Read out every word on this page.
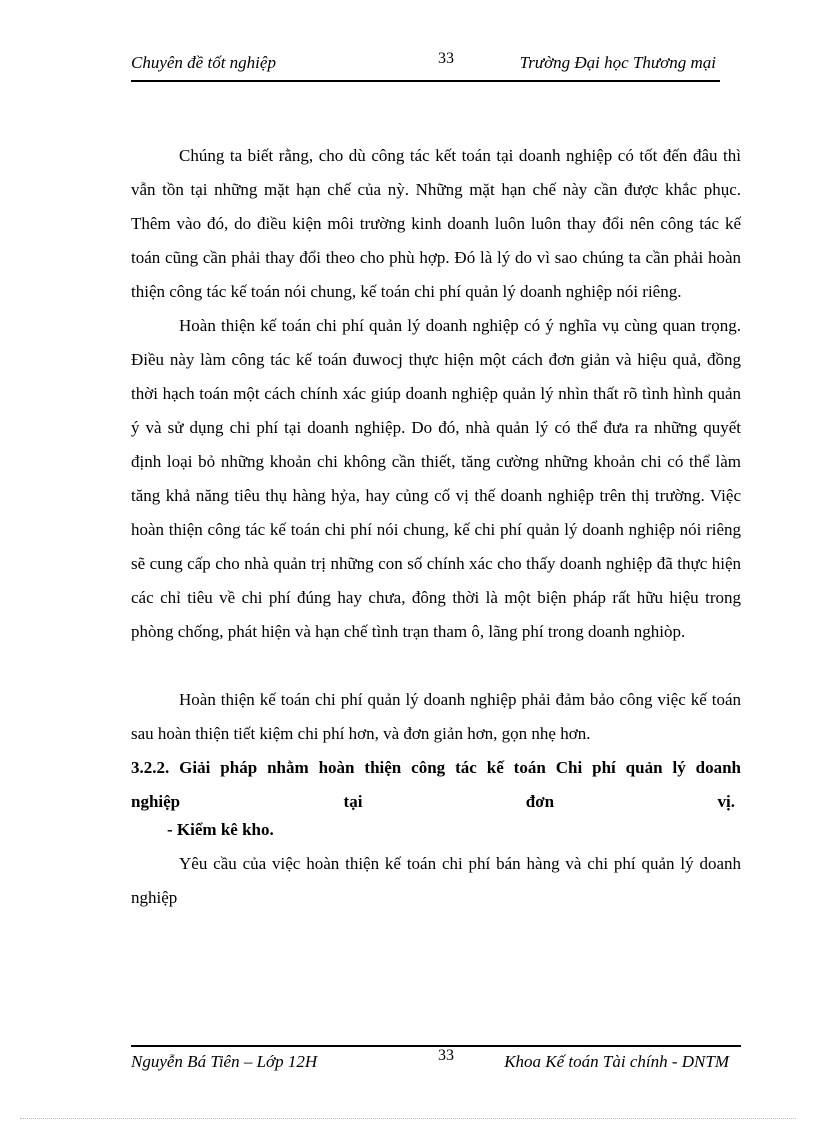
Chuyên đề tốt nghiệp	33	Trường Đại học Thương mại

Chúng ta biết rằng, cho dù công tác kết toán tại doanh nghiệp có tốt đến đâu thì vẫn tồn tại những mặt hạn chế của nỳ. Những mặt hạn chế này cần được khắc phục. Thêm vào đó, do điều kiện môi trường kinh doanh luôn luôn thay đổi nên công tác kế toán cũng cần phải thay đổi theo cho phù hợp. Đó là lý do vì sao chúng ta cần phải hoàn thiện công tác kế toán nói chung, kế toán chi phí quản lý doanh nghiệp nói riêng.

Hoàn thiện kế toán chi phí quản lý doanh nghiệp có ý nghĩa vụ cùng quan trọng. Điều này làm công tác kế toán đuwocj thực hiện một cách đơn giản và hiệu quả, đồng thời hạch toán một cách chính xác giúp doanh nghiệp quản lý nhìn thất rõ tình hình quản ý và sử dụng chi phí tại doanh nghiệp. Do đó, nhà quản lý có thể đưa ra những quyết định loại bỏ những khoản chi không cần thiết, tăng cường những khoản chi có thể làm tăng khả năng tiêu thụ hàng hỷa, hay củng cố vị thế doanh nghiệp trên thị trường. Việc hoàn thiện công tác kế toán chi phí nói chung, kế chi phí quản lý doanh nghiệp nói riêng sẽ cung cấp cho nhà quản trị những con số chính xác cho thấy doanh nghiệp đã thực hiện các chỉ tiêu về chi phí đúng hay chưa, đông thời là một biện pháp rất hữu hiệu trong phòng chống, phát hiện và hạn chế tình trạn tham ô, lãng phí trong doanh nghiòp.

Hoàn thiện kế toán chi phí quản lý doanh nghiệp phải đảm bảo công việc kế toán sau hoàn thiện tiết kiệm chi phí hơn, và đơn giản hơn, gọn nhẹ hơn.

3.2.2. Giải pháp nhằm hoàn thiện công tác kế toán Chi phí quản lý doanh

nghiệp tại đơn vị.

- Kiểm kê kho.

Yêu cầu của việc hoàn thiện kế toán chi phí bán hàng và chi phí quản lý doanh nghiệp

Nguyễn Bá Tiên – Lớp 12H	33	Khoa Kế toán Tài chính - DNTM
